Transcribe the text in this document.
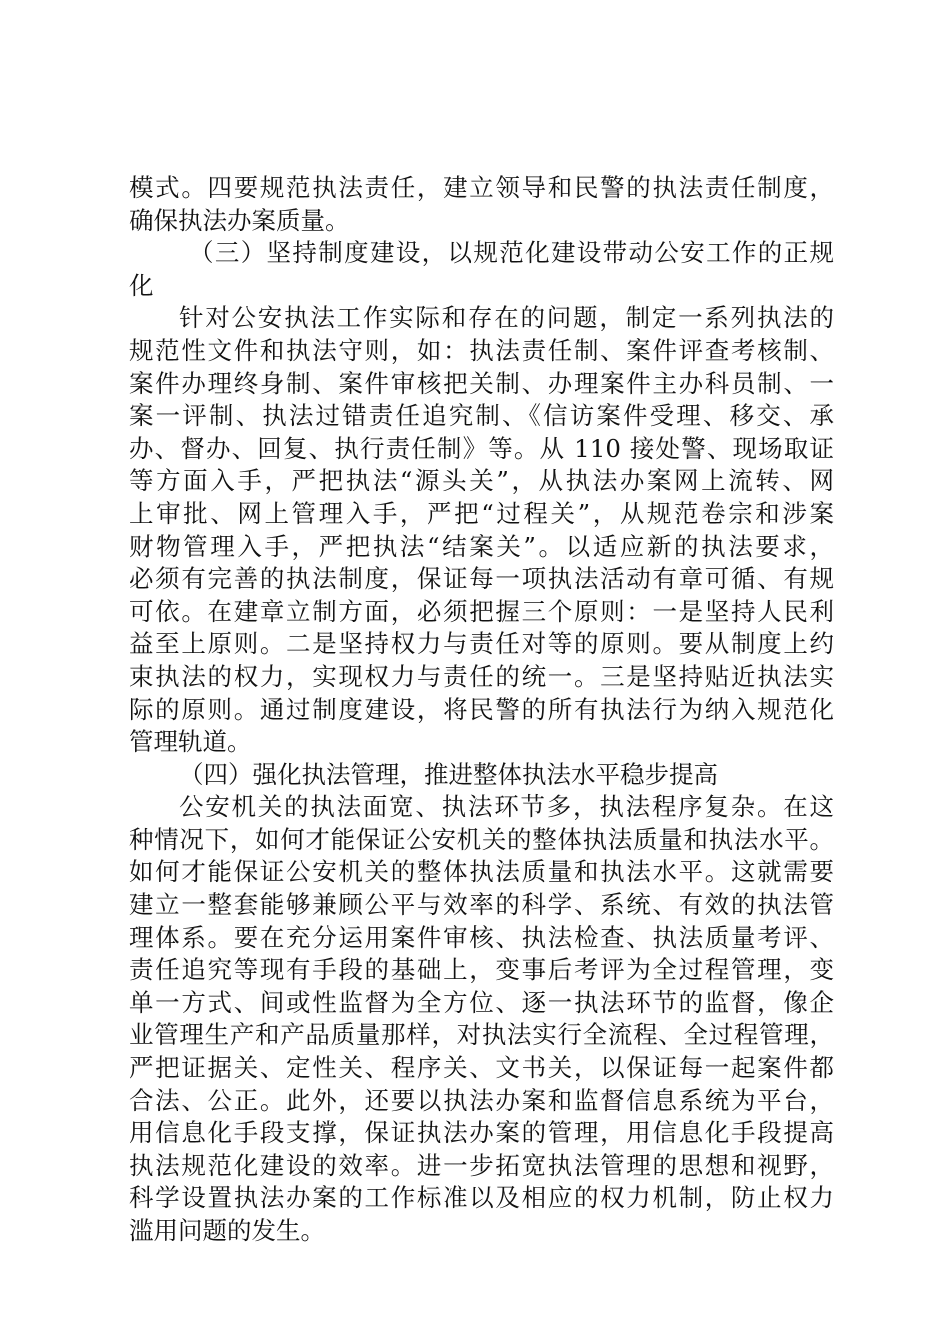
模式。四要规范执法责任，建立领导和民警的执法责任制度，
确保执法办案质量。
（三）坚持制度建设，以规范化建设带动公安工作的正规
化
针对公安执法工作实际和存在的问题，制定一系列执法的
规范性文件和执法守则，如：执法责任制、案件评查考核制、
案件办理终身制、案件审核把关制、办理案件主办科员制、一
案一评制、执法过错责任追究制、《信访案件受理、移交、承
办、督办、回复、执行责任制》等。从 110 接处警、现场取证
等方面入手，严把执法“源头关”，从执法办案网上流转、网
上审批、网上管理入手，严把“过程关”，从规范卷宗和涉案
财物管理入手，严把执法“结案关”。以适应新的执法要求，
必须有完善的执法制度，保证每一项执法活动有章可循、有规
可依。在建章立制方面，必须把握三个原则：一是坚持人民利
益至上原则。二是坚持权力与责任对等的原则。要从制度上约
束执法的权力，实现权力与责任的统一。三是坚持贴近执法实
际的原则。通过制度建设，将民警的所有执法行为纳入规范化
管理轨道。
（四）强化执法管理，推进整体执法水平稳步提高
公安机关的执法面宽、执法环节多，执法程序复杂。在这
种情况下，如何才能保证公安机关的整体执法质量和执法水平。
如何才能保证公安机关的整体执法质量和执法水平。这就需要
建立一整套能够兼顾公平与效率的科学、系统、有效的执法管
理体系。要在充分运用案件审核、执法检查、执法质量考评、
责任追究等现有手段的基础上，变事后考评为全过程管理，变
单一方式、间或性监督为全方位、逐一执法环节的监督，像企
业管理生产和产品质量那样，对执法实行全流程、全过程管理，
严把证据关、定性关、程序关、文书关，以保证每一起案件都
合法、公正。此外，还要以执法办案和监督信息系统为平台，
用信息化手段支撑，保证执法办案的管理，用信息化手段提高
执法规范化建设的效率。进一步拓宽执法管理的思想和视野，
科学设置执法办案的工作标准以及相应的权力机制，防止权力
滥用问题的发生。
